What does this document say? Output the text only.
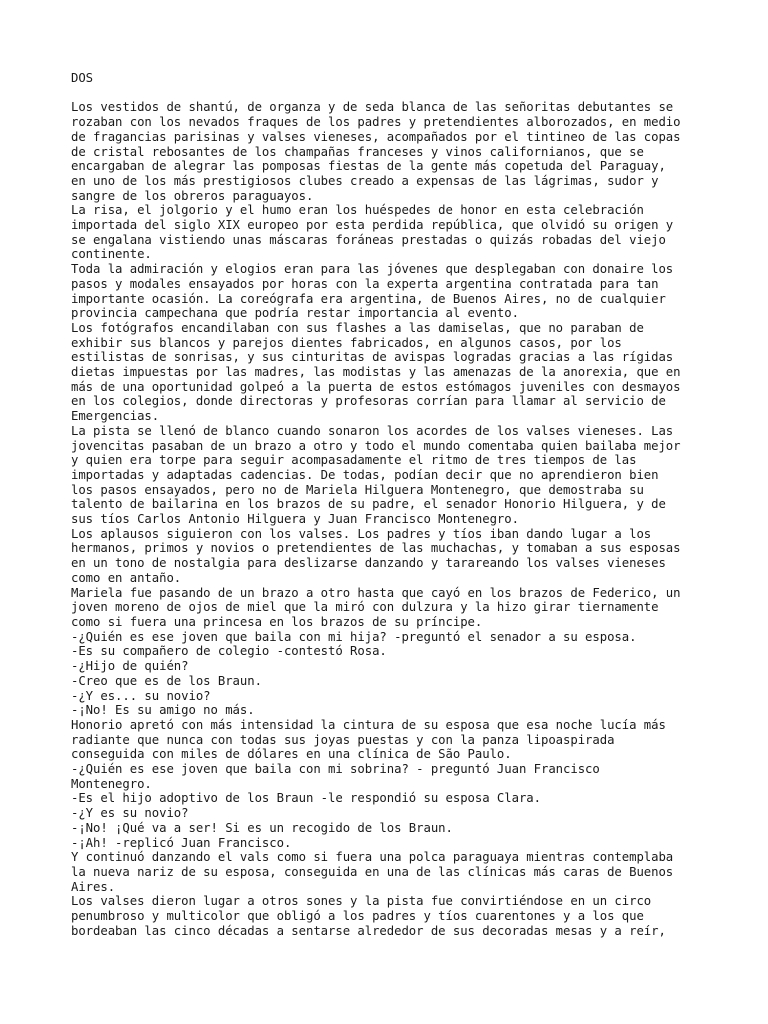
DOS
Los vestidos de shantú, de organza y de seda blanca de las señoritas debutantes se
rozaban con los nevados fraques de los padres y pretendientes alborozados, en medio
de fragancias parisinas y valses vieneses, acompañados por el tintineo de las copas
de cristal rebosantes de los champañas franceses y vinos californianos, que se
encargaban de alegrar las pomposas fiestas de la gente más copetuda del Paraguay,
en uno de los más prestigiosos clubes creado a expensas de las lágrimas, sudor y
sangre de los obreros paraguayos.
La risa, el jolgorio y el humo eran los huéspedes de honor en esta celebración
importada del siglo XIX europeo por esta perdida república, que olvidó su origen y
se engalana vistiendo unas máscaras foráneas prestadas o quizás robadas del viejo
continente.
Toda la admiración y elogios eran para las jóvenes que desplegaban con donaire los
pasos y modales ensayados por horas con la experta argentina contratada para tan
importante ocasión. La coreógrafa era argentina, de Buenos Aires, no de cualquier
provincia campechana que podría restar importancia al evento.
Los fotógrafos encandilaban con sus flashes a las damiselas, que no paraban de
exhibir sus blancos y parejos dientes fabricados, en algunos casos, por los
estilistas de sonrisas, y sus cinturitas de avispas logradas gracias a las rígidas
dietas impuestas por las madres, las modistas y las amenazas de la anorexia, que en
más de una oportunidad golpeó a la puerta de estos estómagos juveniles con desmayos
en los colegios, donde directoras y profesoras corrían para llamar al servicio de
Emergencias.
La pista se llenó de blanco cuando sonaron los acordes de los valses vieneses. Las
jovencitas pasaban de un brazo a otro y todo el mundo comentaba quien bailaba mejor
y quien era torpe para seguir acompasadamente el ritmo de tres tiempos de las
importadas y adaptadas cadencias. De todas, podían decir que no aprendieron bien
los pasos ensayados, pero no de Mariela Hilguera Montenegro, que demostraba su
talento de bailarina en los brazos de su padre, el senador Honorio Hilguera, y de
sus tíos Carlos Antonio Hilguera y Juan Francisco Montenegro.
Los aplausos siguieron con los valses. Los padres y tíos iban dando lugar a los
hermanos, primos y novios o pretendientes de las muchachas, y tomaban a sus esposas
en un tono de nostalgia para deslizarse danzando y tarareando los valses vieneses
como en antaño.
Mariela fue pasando de un brazo a otro hasta que cayó en los brazos de Federico, un
joven moreno de ojos de miel que la miró con dulzura y la hizo girar tiernamente
como si fuera una princesa en los brazos de su príncipe.
-¿Quién es ese joven que baila con mi hija? -preguntó el senador a su esposa.
-Es su compañero de colegio -contestó Rosa.
-¿Hijo de quién?
-Creo que es de los Braun.
-¿Y es... su novio?
-¡No! Es su amigo no más.
Honorio apretó con más intensidad la cintura de su esposa que esa noche lucía más
radiante que nunca con todas sus joyas puestas y con la panza lipoaspirada
conseguida con miles de dólares en una clínica de São Paulo.
-¿Quién es ese joven que baila con mi sobrina? - preguntó Juan Francisco
Montenegro.
-Es el hijo adoptivo de los Braun -le respondió su esposa Clara.
-¿Y es su novio?
-¡No! ¡Qué va a ser! Si es un recogido de los Braun.
-¡Ah! -replicó Juan Francisco.
Y continuó danzando el vals como si fuera una polca paraguaya mientras contemplaba
la nueva nariz de su esposa, conseguida en una de las clínicas más caras de Buenos
Aires.
Los valses dieron lugar a otros sones y la pista fue convirtiéndose en un circo
penumbroso y multicolor que obligó a los padres y tíos cuarentones y a los que
bordeaban las cinco décadas a sentarse alrededor de sus decoradas mesas y a reír,
